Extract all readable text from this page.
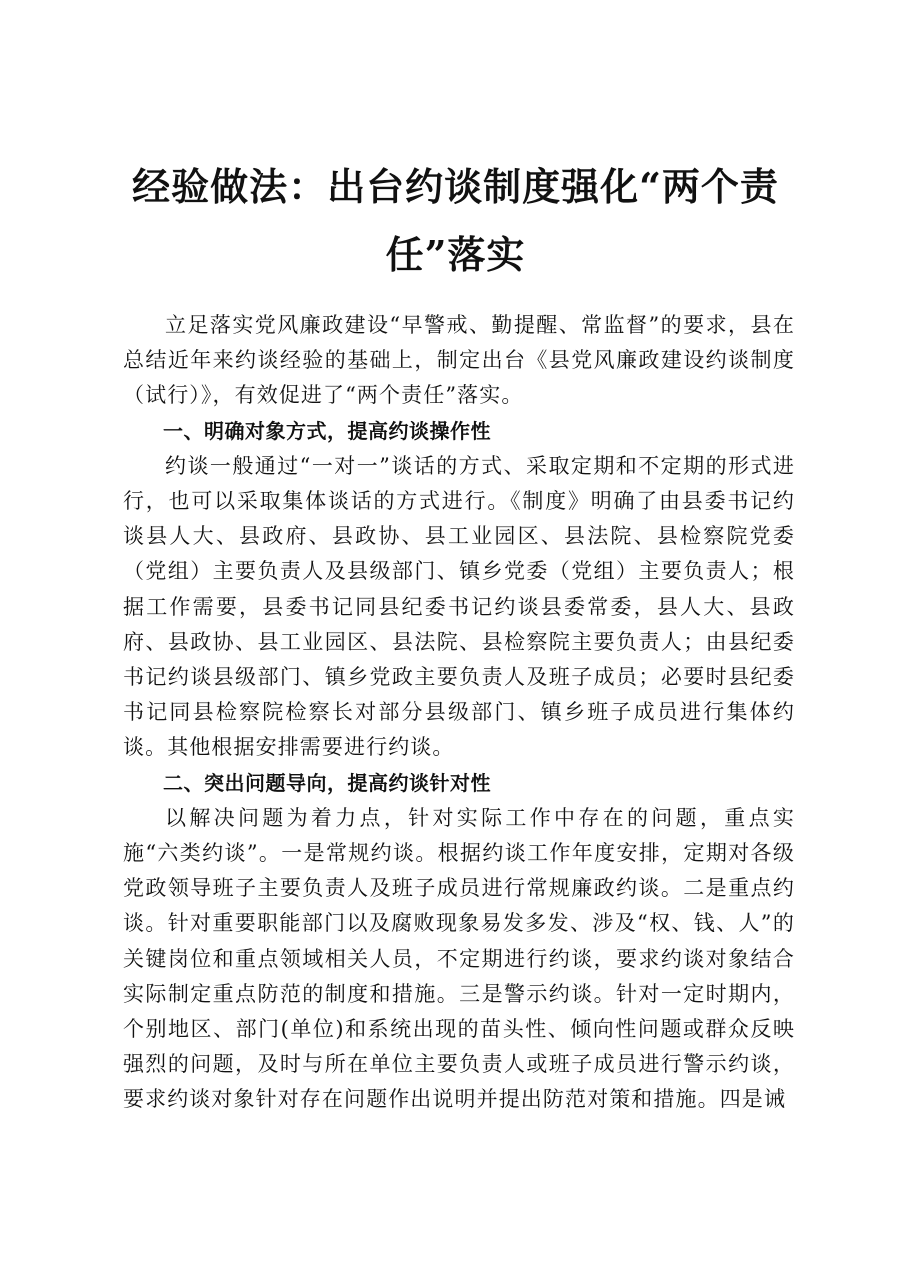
经验做法：出台约谈制度强化“两个责任”落实

立足落实党风廉政建设“早警戒、勤提醒、常监督”的要求，县在总结近年来约谈经验的基础上，制定出台《县党风廉政建设约谈制度（试行）》，有效促进了“两个责任”落实。

一、明确对象方式，提高约谈操作性

约谈一般通过“一对一”谈话的方式、采取定期和不定期的形式进行，也可以采取集体谈话的方式进行。《制度》明确了由县委书记约谈县人大、县政府、县政协、县工业园区、县法院、县检察院党委（党组）主要负责人及县级部门、镇乡党委（党组）主要负责人；根据工作需要，县委书记同县纪委书记约谈县委常委，县人大、县政府、县政协、县工业园区、县法院、县检察院主要负责人；由县纪委书记约谈县级部门、镇乡党政主要负责人及班子成员；必要时县纪委书记同县检察院检察长对部分县级部门、镇乡班子成员进行集体约谈。其他根据安排需要进行约谈。

二、突出问题导向，提高约谈针对性

以解决问题为着力点，针对实际工作中存在的问题，重点实施“六类约谈”。一是常规约谈。根据约谈工作年度安排，定期对各级党政领导班子主要负责人及班子成员进行常规廉政约谈。二是重点约谈。针对重要职能部门以及腐败现象易发多发、涉及“权、钱、人”的关键岗位和重点领域相关人员，不定期进行约谈，要求约谈对象结合实际制定重点防范的制度和措施。三是警示约谈。针对一定时期内，个别地区、部门(单位)和系统出现的苗头性、倾向性问题或群众反映强烈的问题，及时与所在单位主要负责人或班子成员进行警示约谈，要求约谈对象针对存在问题作出说明并提出防范对策和措施。四是诫
